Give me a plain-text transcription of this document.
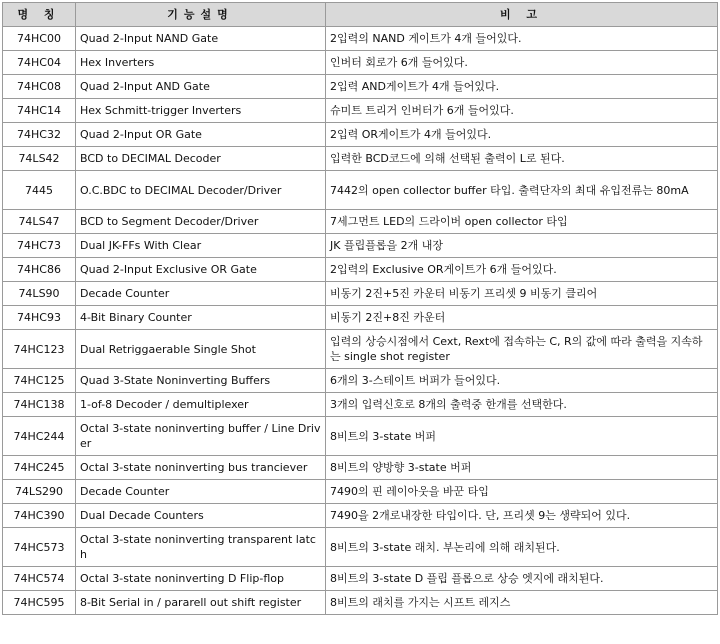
명 칭	기능설명	비 고
74HC00	Quad 2-Input NAND Gate	2입력의 NAND 게이트가 4개 들어있다.
74HC04	Hex Inverters	인버터 회로가 6개 들어있다.
74HC08	Quad 2-Input AND Gate	2입력 AND게이트가 4개 들어있다.
74HC14	Hex Schmitt-trigger Inverters	슈미트 트리거 인버터가 6개 들어있다.
74HC32	Quad 2-Input OR Gate	2입력 OR게이트가 4개 들어있다.
74LS42	BCD to DECIMAL Decoder	입력한 BCD코드에 의해 선택된 출력이 L로 된다.
7445	O.C.BDC to DECIMAL Decoder/Driver	7442의 open collector buffer 타입. 출력단자의 최대 유입전류는 80mA
74LS47	BCD to Segment Decoder/Driver	7세그먼트 LED의 드라이버 open collector 타입
74HC73	Dual JK-FFs With Clear	JK 플립플롭을 2개 내장
74HC86	Quad 2-Input Exclusive OR Gate	2입력의 Exclusive OR게이트가 6개 들어있다.
74LS90	Decade Counter	비동기 2진+5진 카운터 비동기 프리셋 9 비동기 클리어
74HC93	4-Bit Binary Counter	비동기 2진+8진 카운터
74HC123	Dual Retriggaerable Single Shot	입력의 상승시점에서 Cext, Rext에 접속하는 C, R의 값에 따라 출력을 지속하는 single shot register
74HC125	Quad 3-State Noninverting Buffers	6개의 3-스테이트 버퍼가 들어있다.
74HC138	1-of-8 Decoder / demultiplexer	3개의 입력신호로 8개의 출력중 한개를 선택한다.
74HC244	Octal 3-state noninverting buffer / Line Driver	8비트의 3-state 버퍼
74HC245	Octal 3-state noninverting bus tranciever	8비트의 양방향 3-state 버퍼
74LS290	Decade Counter	7490의 핀 레이아웃을 바꾼 타입
74HC390	Dual Decade Counters	7490을 2개로내장한 타입이다. 단, 프리셋 9는 생략되어 있다.
74HC573	Octal 3-state noninverting transparent latch	8비트의 3-state 래치. 부논리에 의해 래치된다.
74HC574	Octal 3-state noninverting D Flip-flop	8비트의 3-state D 플립 플롭으로 상승 엣지에 래치된다.
74HC595	8-Bit Serial in / pararell out shift register	8비트의 래치를 가지는 시프트 레지스
